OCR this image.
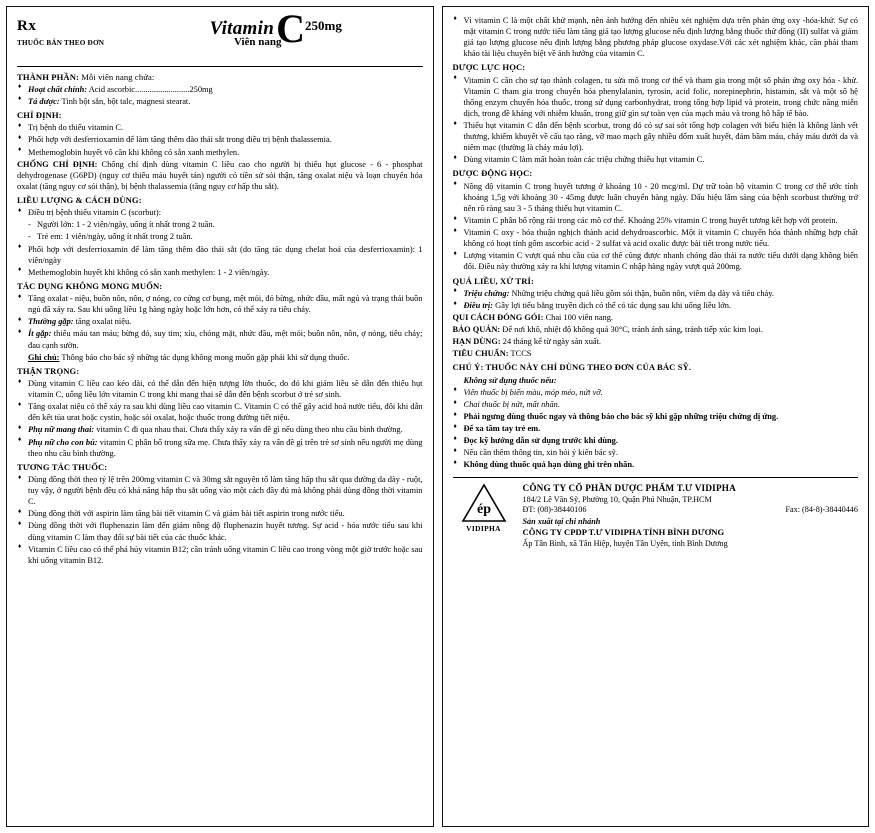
Rx
THUỐC BÁN THEO ĐƠN
VitaminC250mg
Viên nang
THÀNH PHẦN: Mỗi viên nang chứa:
♦ Hoạt chất chính: Acid ascorbic..........................250mg
♦ Tá dược: Tinh bột sắn, bột talc, magnesi stearat.
CHỈ ĐỊNH:
♦ Trị bệnh do thiếu vitamin C.
♦ Phối hợp với desferrioxamin để làm tăng thêm đào thải sắt trong điều trị bệnh thalassemia.
♦ Methemoglobin huyết vô căn khi không có sẵn xanh methylen.

CHỐNG CHỈ ĐỊNH: Chống chỉ định dùng vitamin C liều cao cho người bị thiếu hụt glucose - 6 - phosphat dehydrogenase (G6PD) (nguy cơ thiếu máu huyết tán) người có tiền sử sỏi thận, tăng oxalat niệu và loạn chuyển hóa oxalat (tăng nguy cơ sỏi thận), bị bệnh thalassemia (tăng nguy cơ hấp thu sắt).

LIỀU LƯỢNG & CÁCH DÙNG:
♦ Điều trị bệnh thiếu vitamin C (scorbut):
- Người lớn: 1 - 2 viên/ngày, uống ít nhất trong 2 tuần.
- Trẻ em: 1 viên/ngày, uống ít nhất trong 2 tuần.
♦ Phối hợp với desferrioxamin để làm tăng thêm đào thải sắt (do tăng tác dụng chelat hoá của desferrioxamin): 1 viên/ngày
♦ Methemoglobin huyết khi không có sẵn xanh methylen: 1 - 2 viên/ngày.
TÁC DỤNG KHÔNG MONG MUỐN:
♦ Tăng oxalat - niệu, buồn nôn, nôn, ợ nóng, co cứng cơ bụng, mệt mỏi, đỏ bừng, nhức đầu, mất ngủ và trạng thái buồn ngủ đã xảy ra. Sau khi uống liều 1g hàng ngày hoặc lớn hơn, có thể xảy ra tiêu chảy.
♦ Thường gặp: tăng oxalat niệu.
♦ Ít gặp: thiếu máu tan máu; bừng đỏ, suy tim; xỉu, chóng mặt, nhức đầu, mệt mỏi; buồn nôn, nôn, ợ nóng, tiêu chảy; đau cạnh sườn.

Ghi chú: Thông báo cho bác sỹ những tác dụng không mong muốn gặp phải khi sử dụng thuốc.

THẬN TRỌNG:
♦ Dùng vitamin C liều cao kéo dài, có thể dẫn đến hiện tượng lờn thuốc, do đó khi giảm liều sẽ dẫn đến thiếu hụt vitamin C, uống liều lớn vitamin C trong khi mang thai sẽ dẫn đến bệnh scorbut ở trẻ sơ sinh.
♦ Tăng oxalat niệu có thể xảy ra sau khi dùng liều cao vitamin C. Vitamin C có thể gây acid hoá nước tiểu, đôi khi dẫn đến kết tủa urat hoặc cystin, hoặc sỏi oxalat, hoặc thuốc trong đường tiết niệu.
♦ Phụ nữ mang thai: vitamin C đi qua nhau thai. Chưa thấy xảy ra vấn đề gì nếu dùng theo nhu cầu bình thường.
♦ Phụ nữ cho con bú: vitamin C phân bố trong sữa mẹ. Chưa thấy xảy ra vấn đề gì trên trẻ sơ sinh nếu người mẹ dùng theo nhu cầu bình thường.
TƯƠNG TÁC THUỐC:
♦ Dùng đồng thời theo tỷ lệ trên 200mg vitamin C và 30mg sắt nguyên tố làm tăng hấp thu sắt qua đường da dày - ruột, tuy vậy, ở người bệnh đều có khả năng hấp thu sắt uống vào một cách đầy đủ mà không phải dùng đồng thời vitamin C.
♦ Dùng đồng thời với aspirin làm tăng bài tiết vitamin C và giảm bài tiết aspirin trong nước tiểu.
♦ Dùng đồng thời với fluphenazin làm đến giảm nồng độ fluphenazin huyết tương. Sự acid - hóa nước tiểu sau khi dùng vitamin C làm thay đổi sự bài tiết của các thuốc khác.
♦ Vitamin C liều cao có thể phá hủy vitamin B12; cần tránh uống vitamin C liều cao trong vòng một giờ trước hoặc sau khi uống vitamin B12.
♦ Vì vitamin C là một chất khử mạnh, nên ảnh hưởng đến nhiều xét nghiệm dựa trên phản ứng oxy -hóa-khử. Sự có mặt vitamin C trong nước tiểu làm tăng giả tạo lượng glucose nếu định lượng bằng thuốc thử đồng (II) sulfat và giảm giả tạo lượng glucose nếu định lượng bằng phương pháp glucose oxydase.Với các xét nghiệm khác, cần phải tham khảo tài liệu chuyên biệt về ảnh hưởng của vitamin C.
DƯỢC LỰC HỌC:
♦ Vitamin C cần cho sự tạo thành colagen, tu sửa mô trong cơ thể và tham gia trong một số phản ứng oxy hóa - khử. Vitamin C tham gia trong chuyển hóa phenylalanin, tyrosin, acid folic, norepinephrin, histamin, sắt và một số hệ thống enzym chuyển hóa thuốc, trong sử dụng carbonhydrat, trong tổng hợp lipid và protein, trong chức năng miễn dịch, trong đề kháng với nhiễm khuẩn, trong giữ gìn sự toàn vẹn của mạch máu và trong hô hấp tế bào.
♦ Thiếu hụt vitamin C dẫn đến bệnh scorbut, trong đó có sự sai sót tổng hợp colagen với biểu hiện là không lành vết thương, khiếm khuyết về cấu tạo răng, vỡ mao mạch gây nhiều đốm xuất huyết, đám bầm máu, chảy máu dưới da và niêm mạc (thường là chảy máu lợi).
♦ Dùng vitamin C làm mất hoàn toàn các triệu chứng thiếu hụt vitamin C.
DƯỢC ĐỘNG HỌC:
♦ Nồng độ vitamin C trong huyết tương ở khoảng 10 - 20 mcg/ml. Dự trữ toàn bộ vitamin C trong cơ thể ước tính khoảng 1,5g với khoảng 30 - 45mg được luân chuyển hàng ngày. Dấu hiệu lâm sàng của bệnh scorbust thường trở nên rõ ràng sau 3 - 5 tháng thiếu hụt vitamin C.
♦ Vitamin C phân bố rộng rãi trong các mô cơ thể. Khoảng 25% vitamin C trong huyết tương kết hợp với protein.
♦ Vitamin C oxy - hóa thuận nghịch thành acid dehydroascorbic. Một ít vitamin C chuyển hóa thành những hợp chất không có hoạt tính gốm ascorbic acid - 2 sulfat và acid oxalic được bài tiết trong nước tiểu.
♦ Lượng vitamin C vượt quá nhu cầu của cơ thể cũng được nhanh chóng đào thải ra nước tiểu dưới dạng không biến đổi. Điều này thường xảy ra khi lượng vitamin C nhập hàng ngày vượt quá 200mg.
QUÁ LIỀU, XỬ TRÍ:
♦ Triệu chứng: Những triệu chứng quá liều gồm sỏi thận, buồn nôn, viêm dạ dày và tiêu chảy.
♦ Điều trị: Gây lợi tiểu bằng truyền dịch có thể có tác dụng sau khi uống liều lớn.

QUI CÁCH ĐÓNG GÓI: Chai 100 viên nang.

BẢO QUẢN: Để nơi khô, nhiệt độ không quá 30°C, tránh ánh sáng, tránh tiếp xúc kim loại.

HẠN DÙNG: 24 tháng kể từ ngày sản xuất.

TIÊU CHUẨN: TCCS

CHÚ Ý: THUỐC NÀY CHỈ DÙNG THEO ĐƠN CỦA BÁC SỸ.

Không sử dụng thuốc nếu:

♦ Viên thuốc bị biến màu, móp méo, nứt vỡ.
♦ Chai thuốc bị nứt, mất nhãn.
♦ Phải ngưng dùng thuốc ngay và thông báo cho bác sỹ khi gặp những triệu chứng dị ứng.
♦ Để xa tầm tay trẻ em.
♦ Đọc kỹ hướng dẫn sử dụng trước khi dùng.
♦ Nếu cần thêm thông tin, xin hỏi ý kiến bác sỹ.
♦ Không dùng thuốc quá hạn dùng ghi trên nhãn.
ép
VIDIPHA
CÔNG TY CỔ PHẦN DƯỢC PHẨM T.Ư VIDIPHA
184/2 Lê Văn Sỹ, Phường 10, Quận Phú Nhuận, TP.HCM
ĐT: (08)-38440106	Fax: (84-8)-38440446
Sản xuất tại chi nhánh
CÔNG TY CPDP T.Ư VIDIPHA TỈNH BÌNH DƯƠNG
Ấp Tân Bình, xã Tân Hiệp, huyện Tân Uyên, tỉnh Bình Dương
